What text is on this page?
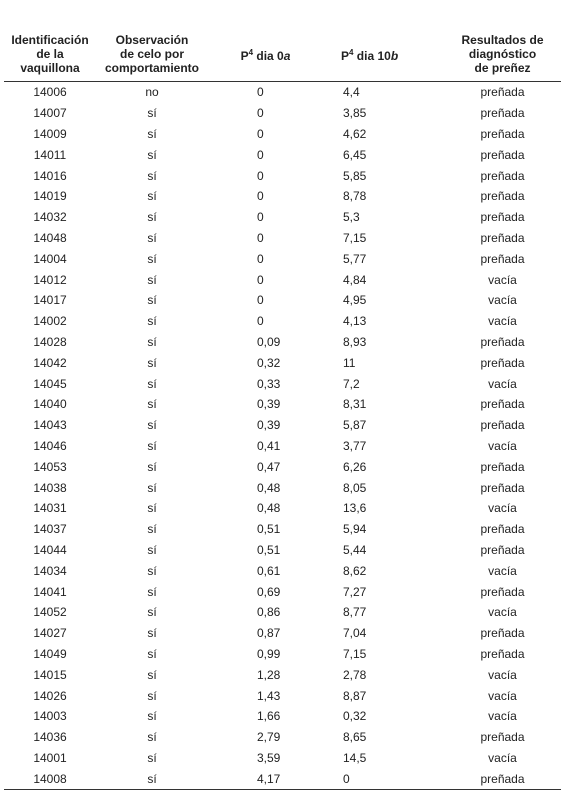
Identificación
de la
vaquillona	Observación
de celo por
comportamiento	$P^4$ dia 0a	$P^4$ dia 10b	Resultados de
diagnóstico
de preñez
14006	no	0	4,4	preñada
14007	sí	0	3,85	preñada
14009	sí	0	4,62	preñada
14011	sí	0	6,45	preñada
14016	sí	0	5,85	preñada
14019	sí	0	8,78	preñada
14032	sí	0	5,3	preñada
14048	sí	0	7,15	preñada
14004	sí	0	5,77	preñada
14012	sí	0	4,84	vacía
14017	sí	0	4,95	vacía
14002	sí	0	4,13	vacía
14028	sí	0,09	8,93	preñada
14042	sí	0,32	11	preñada
14045	sí	0,33	7,2	vacía
14040	sí	0,39	8,31	preñada
14043	sí	0,39	5,87	preñada
14046	sí	0,41	3,77	vacía
14053	sí	0,47	6,26	preñada
14038	sí	0,48	8,05	preñada
14031	sí	0,48	13,6	vacía
14037	sí	0,51	5,94	preñada
14044	sí	0,51	5,44	preñada
14034	sí	0,61	8,62	vacía
14041	sí	0,69	7,27	preñada
14052	sí	0,86	8,77	vacía
14027	sí	0,87	7,04	preñada
14049	sí	0,99	7,15	preñada
14015	sí	1,28	2,78	vacía
14026	sí	1,43	8,87	vacía
14003	sí	1,66	0,32	vacía
14036	sí	2,79	8,65	preñada
14001	sí	3,59	14,5	vacía
14008	sí	4,17	0	preñada
